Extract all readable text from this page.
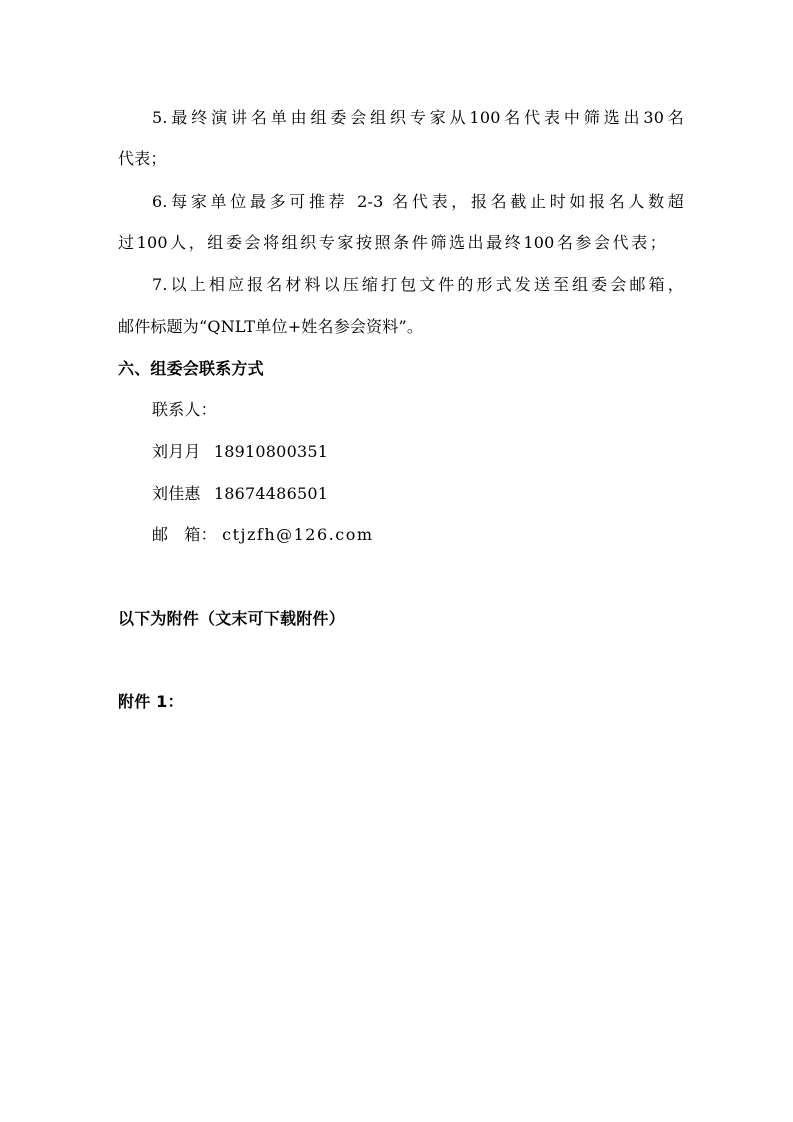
5.最终演讲名单由组委会组织专家从100名代表中筛选出30名
代表；
6.每家单位最多可推荐 2-3 名代表，报名截止时如报名人数超
过100人，组委会将组织专家按照条件筛选出最终100名参会代表；
7.以上相应报名材料以压缩打包文件的形式发送至组委会邮箱，
邮件标题为“QNLT单位+姓名参会资料”。
六、组委会联系方式
联系人：
刘月月 18910800351
刘佳惠 18674486501
邮　箱： ctjzfh@126.com
以下为附件（文末可下载附件）
附件 1：
